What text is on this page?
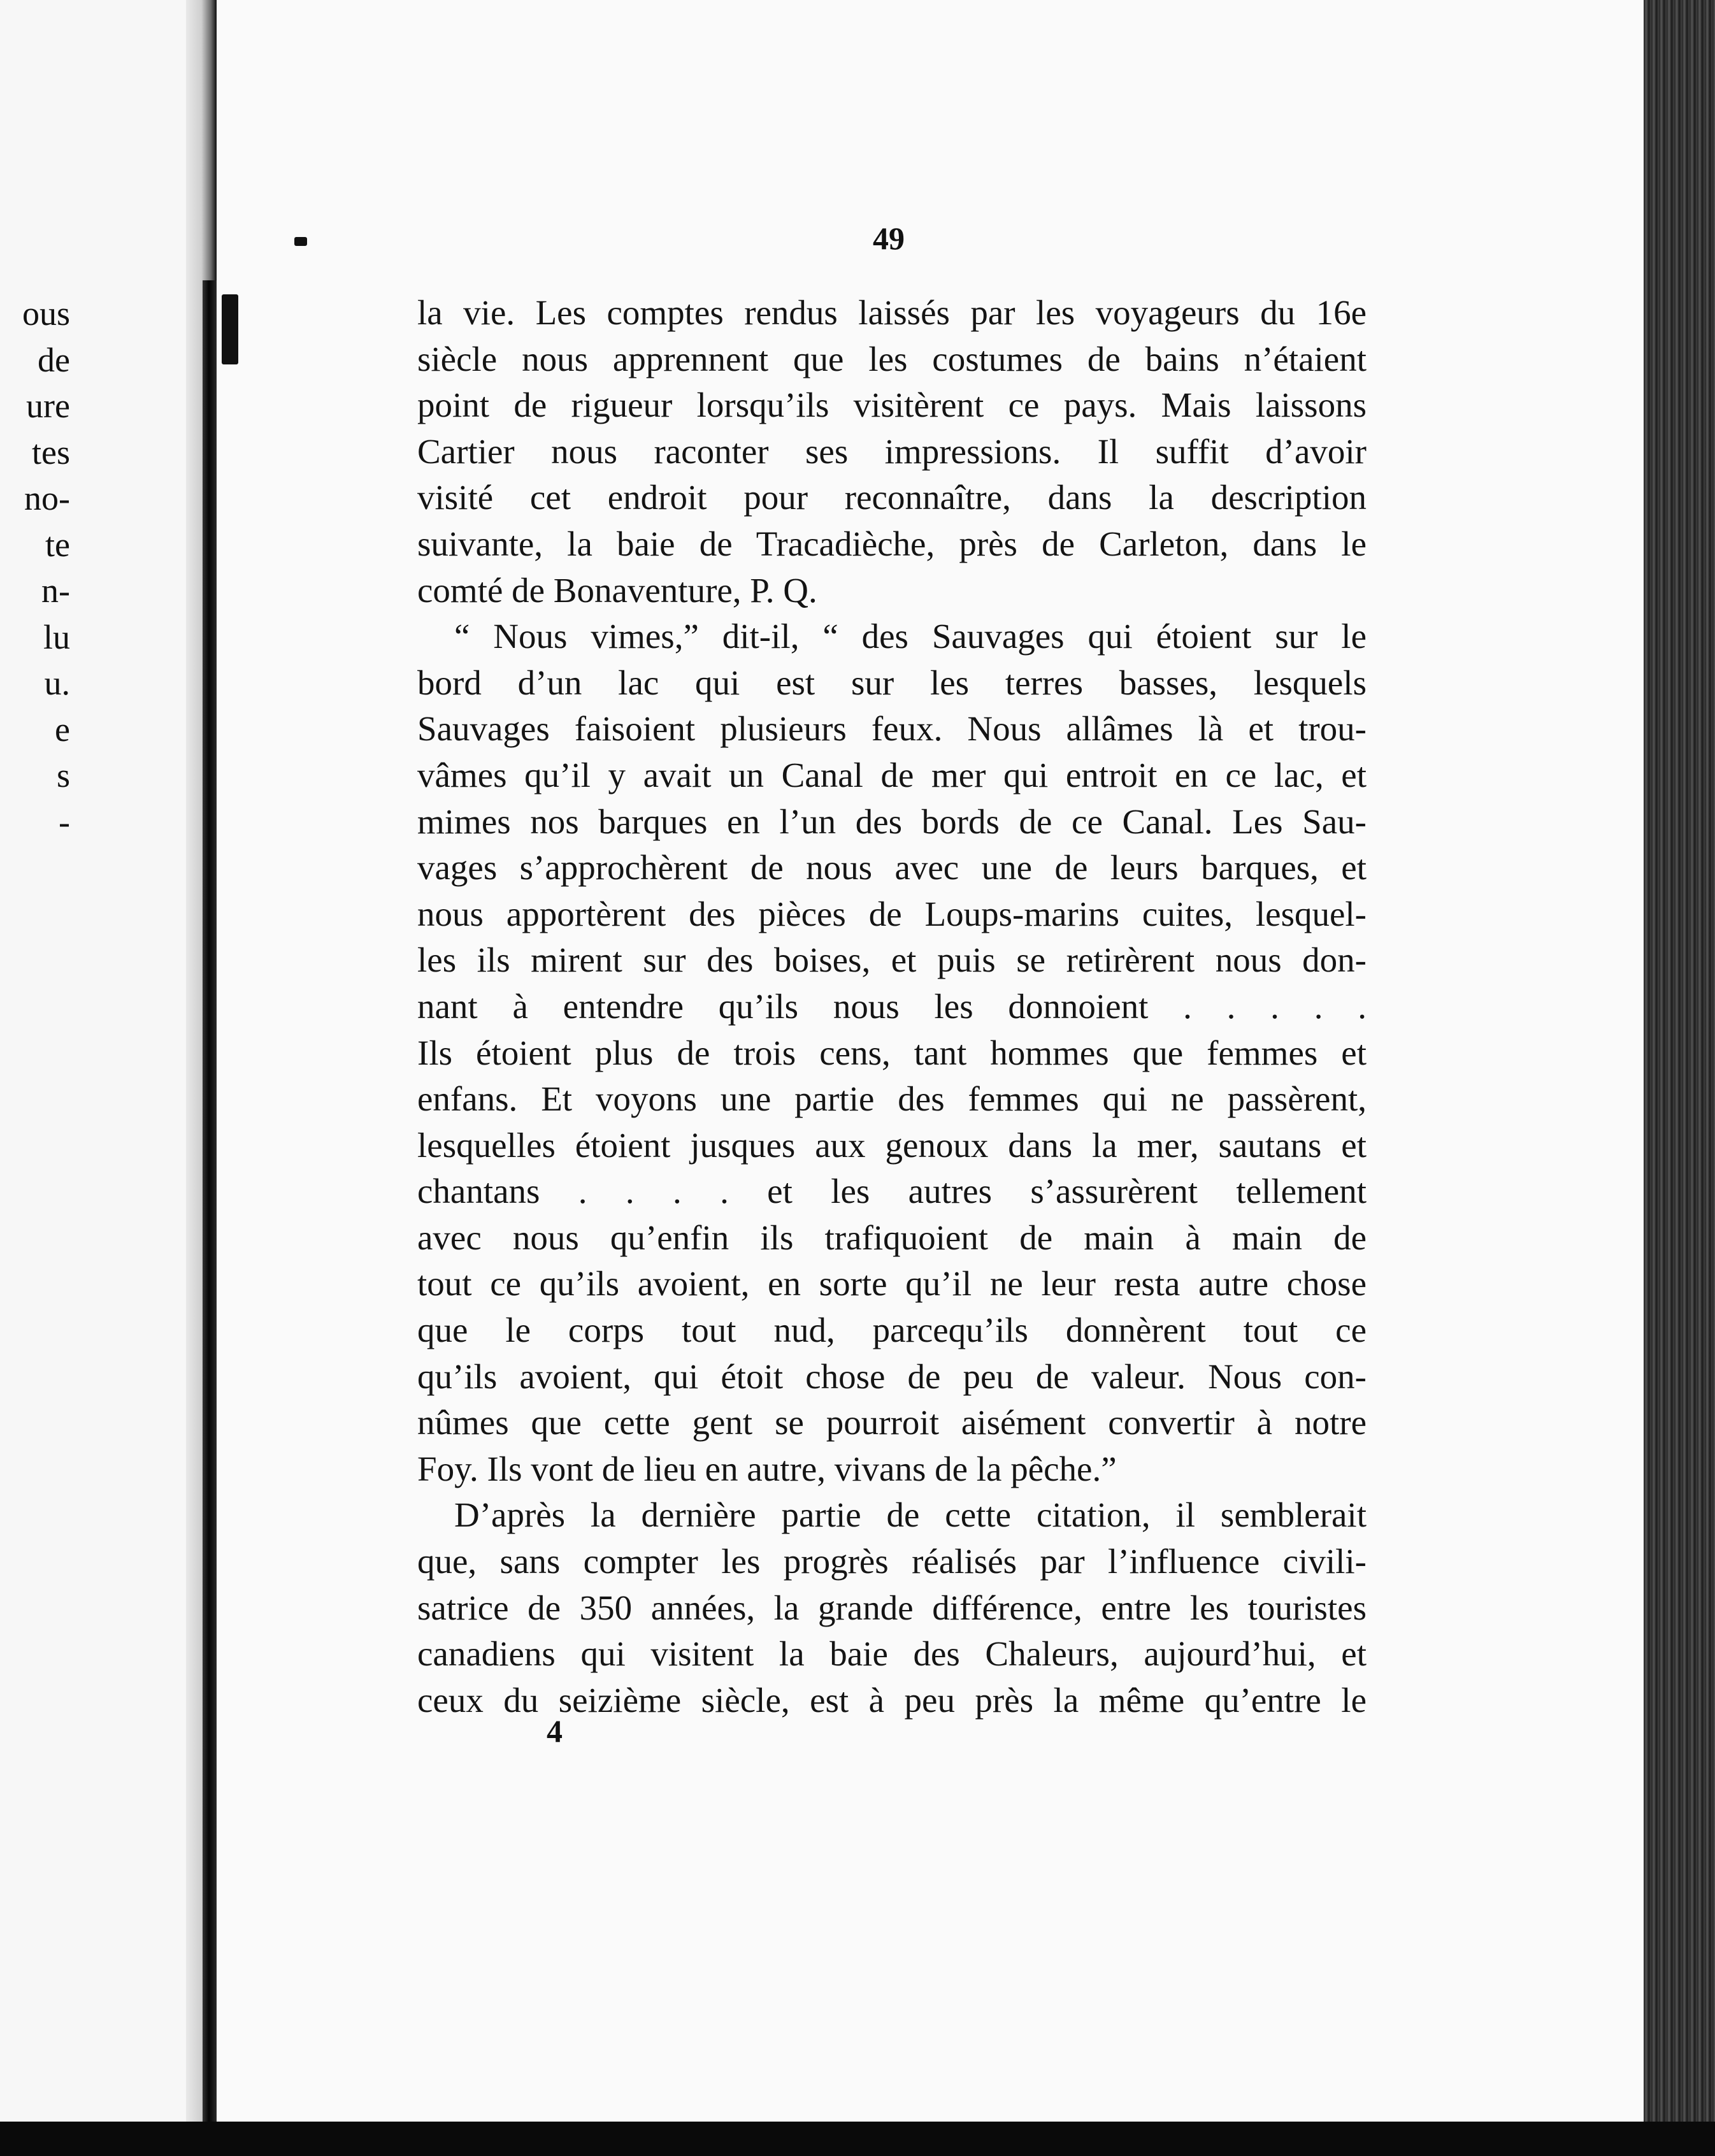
ous
de
ure
tes
no-
te
n-
lu
u.
e
s
-
49
la vie. Les comptes rendus laissés par les voyageurs du 16e
siècle nous apprennent que les costumes de bains n’étaient
point de rigueur lorsqu’ils visitèrent ce pays. Mais laissons
Cartier nous raconter ses impressions. Il suffit d’avoir
visité cet endroit pour reconnaître, dans la description
suivante, la baie de Tracadièche, près de Carleton, dans le
comté de Bonaventure, P. Q.
“ Nous vimes,” dit-il, “ des Sauvages qui étoient sur le
bord d’un lac qui est sur les terres basses, lesquels
Sauvages faisoient plusieurs feux. Nous allâmes là et trou-
vâmes qu’il y avait un Canal de mer qui entroit en ce lac, et
mimes nos barques en l’un des bords de ce Canal. Les Sau-
vages s’approchèrent de nous avec une de leurs barques, et
nous apportèrent des pièces de Loups-marins cuites, lesquel-
les ils mirent sur des boises, et puis se retirèrent nous don-
nant à entendre qu’ils nous les donnoient . . . . .
Ils étoient plus de trois cens, tant hommes que femmes et
enfans. Et voyons une partie des femmes qui ne passèrent,
lesquelles étoient jusques aux genoux dans la mer, sautans et
chantans . . . . et les autres s’assurèrent tellement
avec nous qu’enfin ils trafiquoient de main à main de
tout ce qu’ils avoient, en sorte qu’il ne leur resta autre chose
que le corps tout nud, parcequ’ils donnèrent tout ce
qu’ils avoient, qui étoit chose de peu de valeur. Nous con-
nûmes que cette gent se pourroit aisément convertir à notre
Foy. Ils vont de lieu en autre, vivans de la pêche.”
D’après la dernière partie de cette citation, il semblerait
que, sans compter les progrès réalisés par l’influence civili-
satrice de 350 années, la grande différence, entre les touristes
canadiens qui visitent la baie des Chaleurs, aujourd’hui, et
ceux du seizième siècle, est à peu près la même qu’entre le
4
